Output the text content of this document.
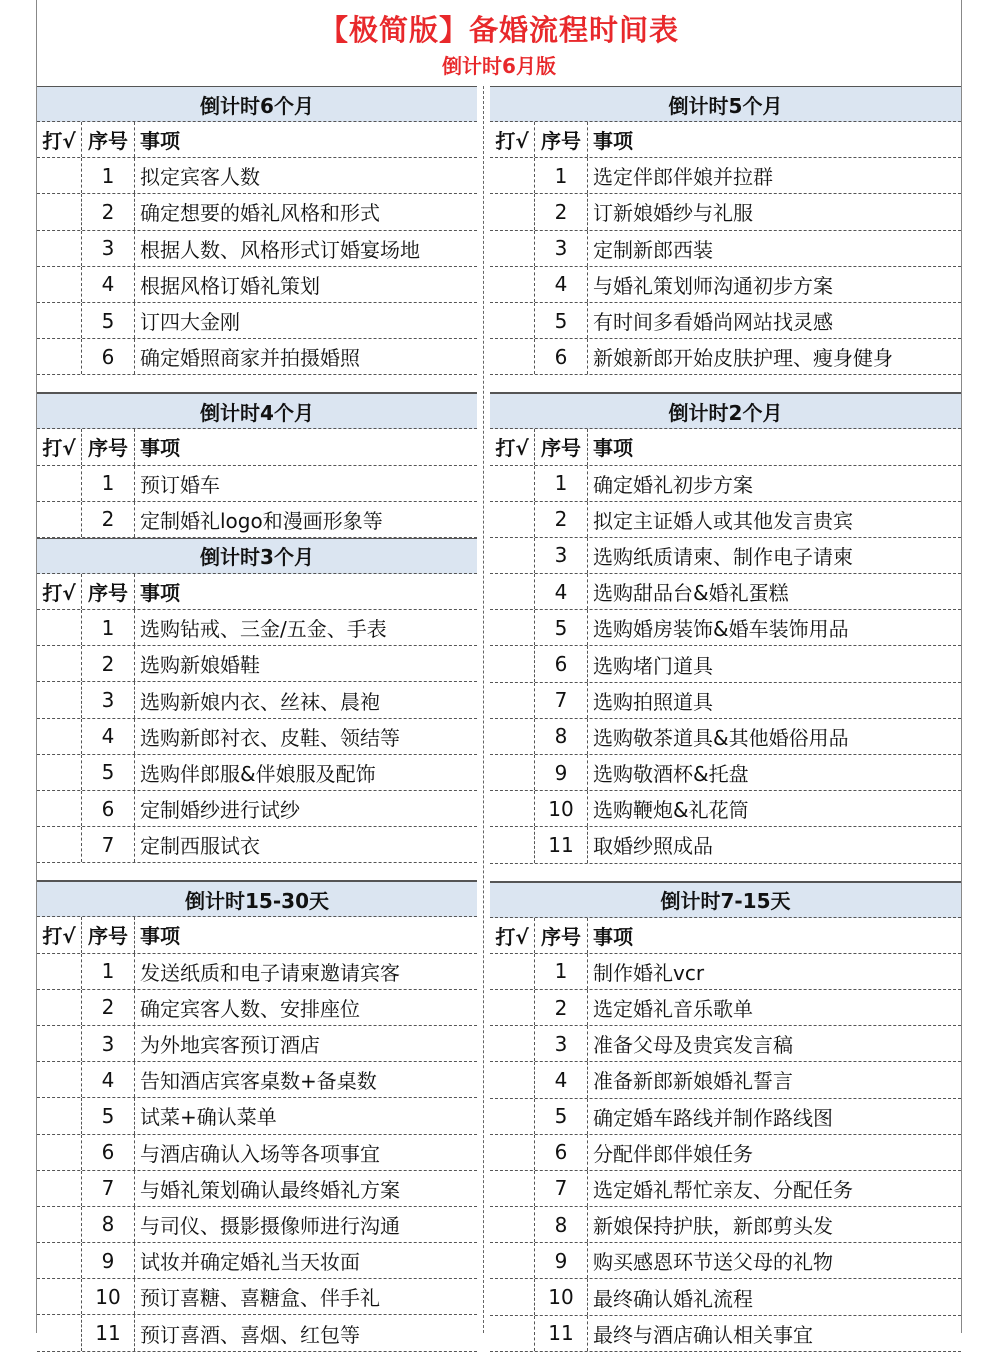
【极简版】备婚流程时间表
倒计时6月版
倒计时6个月
打√ 序号 事项
1	拟定宾客人数
2	确定想要的婚礼风格和形式
3	根据人数、风格形式订婚宴场地
4	根据风格订婚礼策划
5	订四大金刚
6	确定婚照商家并拍摄婚照
倒计时4个月
打√ 序号 事项
1	预订婚车
2	定制婚礼logo和漫画形象等
倒计时3个月
打√ 序号 事项
1	选购钻戒、三金/五金、手表
2	选购新娘婚鞋
3	选购新娘内衣、丝袜、晨袍
4	选购新郎衬衣、皮鞋、领结等
5	选购伴郎服&伴娘服及配饰
6	定制婚纱进行试纱
7	定制西服试衣
倒计时15-30天
打√ 序号 事项
1	发送纸质和电子请柬邀请宾客
2	确定宾客人数、安排座位
3	为外地宾客预订酒店
4	告知酒店宾客桌数+备桌数
5	试菜+确认菜单
6	与酒店确认入场等各项事宜
7	与婚礼策划确认最终婚礼方案
8	与司仪、摄影摄像师进行沟通
9	试妆并确定婚礼当天妆面
10 预订喜糖、喜糖盒、伴手礼
11 预订喜酒、喜烟、红包等
倒计时5个月
打√ 序号 事项
1	选定伴郎伴娘并拉群
2	订新娘婚纱与礼服
3	定制新郎西装
4	与婚礼策划师沟通初步方案
5	有时间多看婚尚网站找灵感
6	新娘新郎开始皮肤护理、瘦身健身
倒计时2个月
打√ 序号 事项
1	确定婚礼初步方案
2	拟定主证婚人或其他发言贵宾
3	选购纸质请柬、制作电子请柬
4	选购甜品台&婚礼蛋糕
5	选购婚房装饰&婚车装饰用品
6	选购堵门道具
7	选购拍照道具
8	选购敬茶道具&其他婚俗用品
9	选购敬酒杯&托盘
10 选购鞭炮&礼花筒
11 取婚纱照成品
倒计时7-15天
打√ 序号 事项
1	制作婚礼vcr
2	选定婚礼音乐歌单
3	准备父母及贵宾发言稿
4	准备新郎新娘婚礼誓言
5	确定婚车路线并制作路线图
6	分配伴郎伴娘任务
7	选定婚礼帮忙亲友、分配任务
8	新娘保持护肤，新郎剪头发
9	购买感恩环节送父母的礼物
10 最终确认婚礼流程
11 最终与酒店确认相关事宜
